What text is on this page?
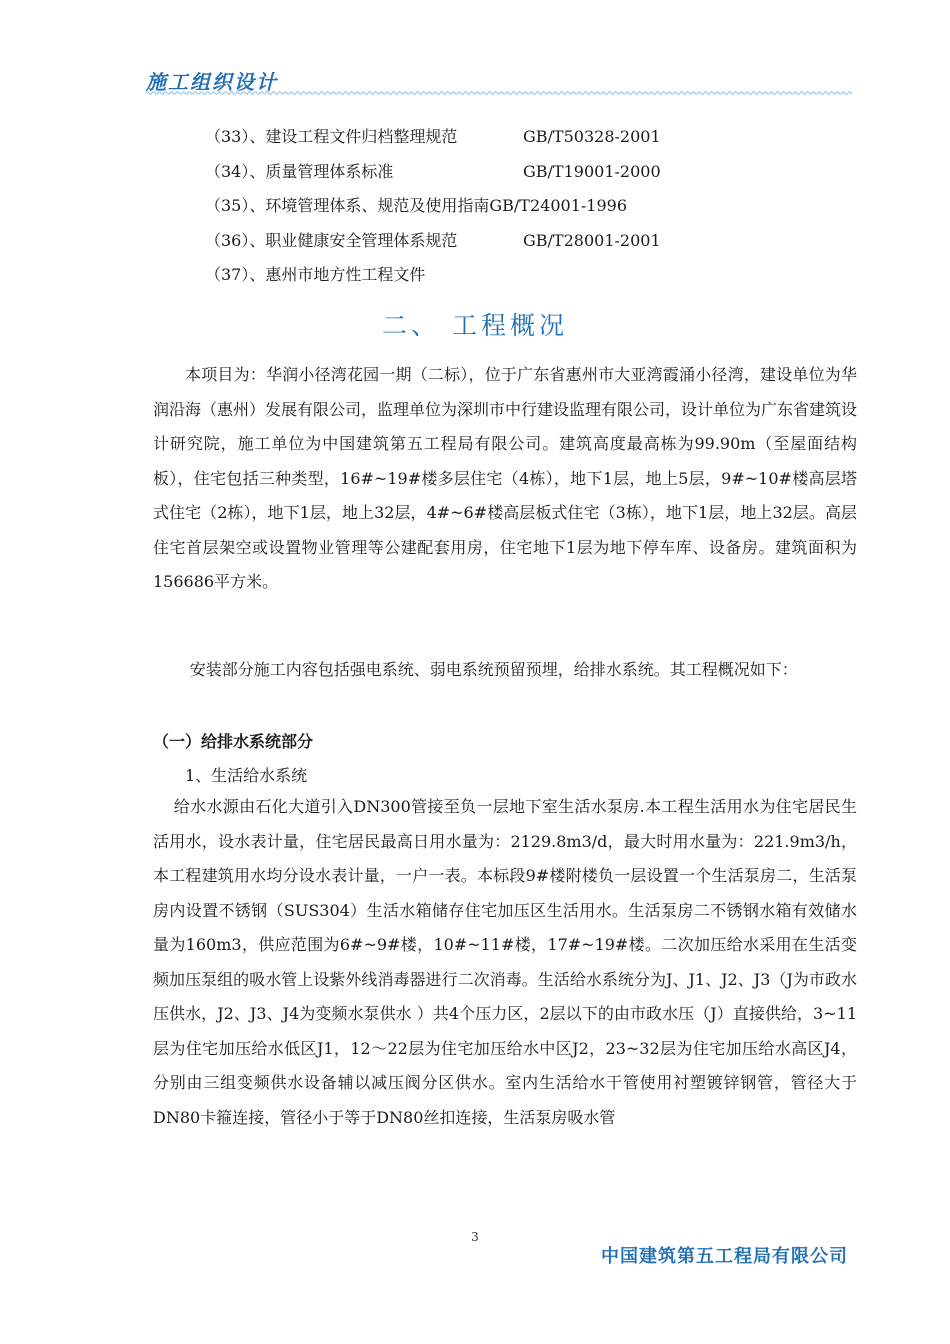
施工组织设计
（33）、建设工程文件归档整理规范	GB/T50328-2001
（34）、质量管理体系标准	GB/T19001-2000
（35）、环境管理体系、规范及使用指南GB/T24001-1996
（36）、职业健康安全管理体系规范	GB/T28001-2001
（37）、惠州市地方性工程文件
二、 工程概况
本项目为：华润小径湾花园一期（二标），位于广东省惠州市大亚湾霞涌小径湾，建设单位为华润沿海（惠州）发展有限公司，监理单位为深圳市中行建设监理有限公司，设计单位为广东省建筑设计研究院，施工单位为中国建筑第五工程局有限公司。建筑高度最高栋为99.90m（至屋面结构板），住宅包括三种类型，16#~19#楼多层住宅（4栋），地下1层，地上5层，9#~10#楼高层塔式住宅（2栋），地下1层，地上32层，4#~6#楼高层板式住宅（3栋），地下1层，地上32层。高层住宅首层架空或设置物业管理等公建配套用房，住宅地下1层为地下停车库、设备房。建筑面积为156686平方米。
安装部分施工内容包括强电系统、弱电系统预留预埋，给排水系统。其工程概况如下：
（一）给排水系统部分
1、生活给水系统
给水水源由石化大道引入DN300管接至负一层地下室生活水泵房.本工程生活用水为住宅居民生活用水，设水表计量，住宅居民最高日用水量为：2129.8m3/d，最大时用水量为：221.9m3/h，本工程建筑用水均分设水表计量，一户一表。本标段9#楼附楼负一层设置一个生活泵房二，生活泵房内设置不锈钢（SUS304）生活水箱储存住宅加压区生活用水。生活泵房二不锈钢水箱有效储水量为160m3，供应范围为6#~9#楼，10#~11#楼，17#~19#楼。二次加压给水采用在生活变频加压泵组的吸水管上设紫外线消毒器进行二次消毒。生活给水系统分为J、J1、J2、J3（J为市政水压供水，J2、J3、J4为变频水泵供水 ）共4个压力区，2层以下的由市政水压（J）直接供给，3~11层为住宅加压给水低区J1，12～22层为住宅加压给水中区J2，23~32层为住宅加压给水高区J4，分别由三组变频供水设备辅以减压阀分区供水。室内生活给水干管使用衬塑镀锌钢管，管径大于DN80卡箍连接，管径小于等于DN80丝扣连接，生活泵房吸水管
3
中国建筑第五工程局有限公司
